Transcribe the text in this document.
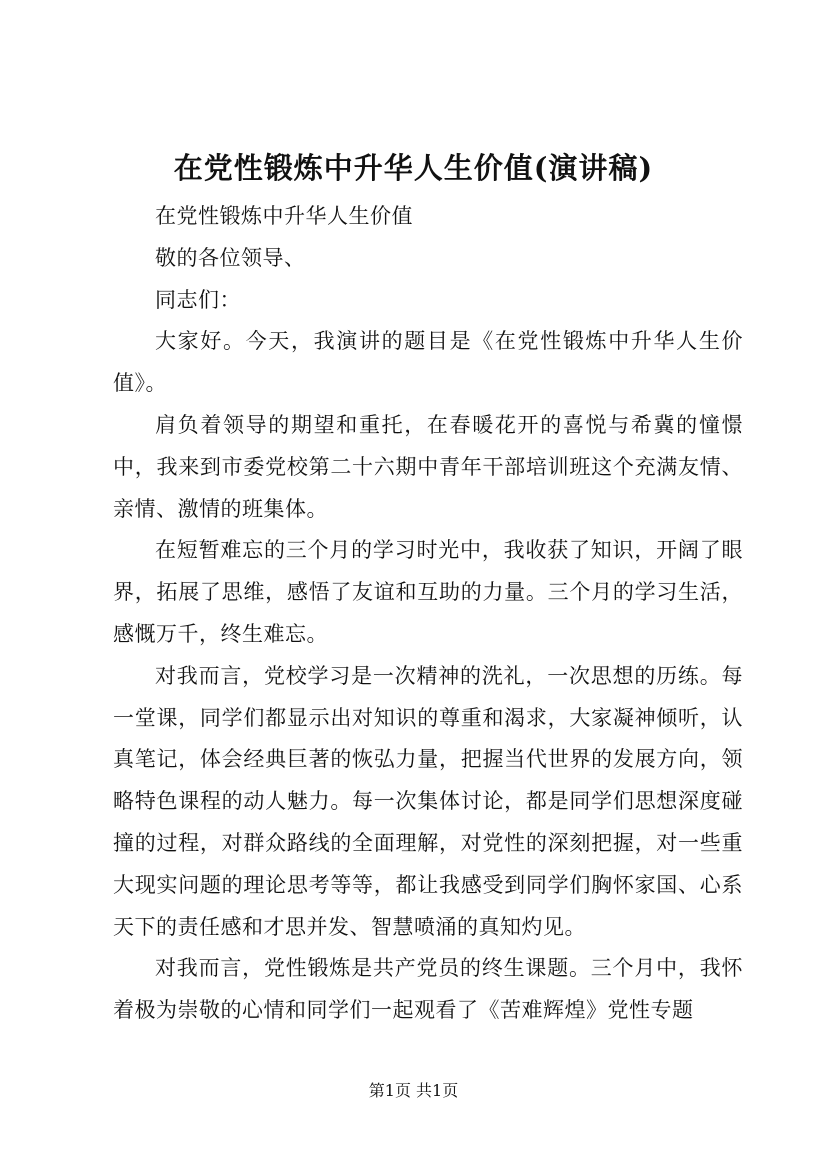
在党性锻炼中升华人生价值(演讲稿)

在党性锻炼中升华人生价值

敬的各位领导、

同志们：

大家好。今天，我演讲的题目是《在党性锻炼中升华人生价值》。

肩负着领导的期望和重托，在春暖花开的喜悦与希冀的憧憬中，我来到市委党校第二十六期中青年干部培训班这个充满友情、亲情、激情的班集体。

在短暂难忘的三个月的学习时光中，我收获了知识，开阔了眼界，拓展了思维，感悟了友谊和互助的力量。三个月的学习生活，感慨万千，终生难忘。

对我而言，党校学习是一次精神的洗礼，一次思想的历练。每一堂课，同学们都显示出对知识的尊重和渴求，大家凝神倾听，认真笔记，体会经典巨著的恢弘力量，把握当代世界的发展方向，领略特色课程的动人魅力。每一次集体讨论，都是同学们思想深度碰撞的过程，对群众路线的全面理解，对党性的深刻把握，对一些重大现实问题的理论思考等等，都让我感受到同学们胸怀家国、心系天下的责任感和才思并发、智慧喷涌的真知灼见。

对我而言，党性锻炼是共产党员的终生课题。三个月中，我怀着极为崇敬的心情和同学们一起观看了《苦难辉煌》党性专题

第1页 共1页
